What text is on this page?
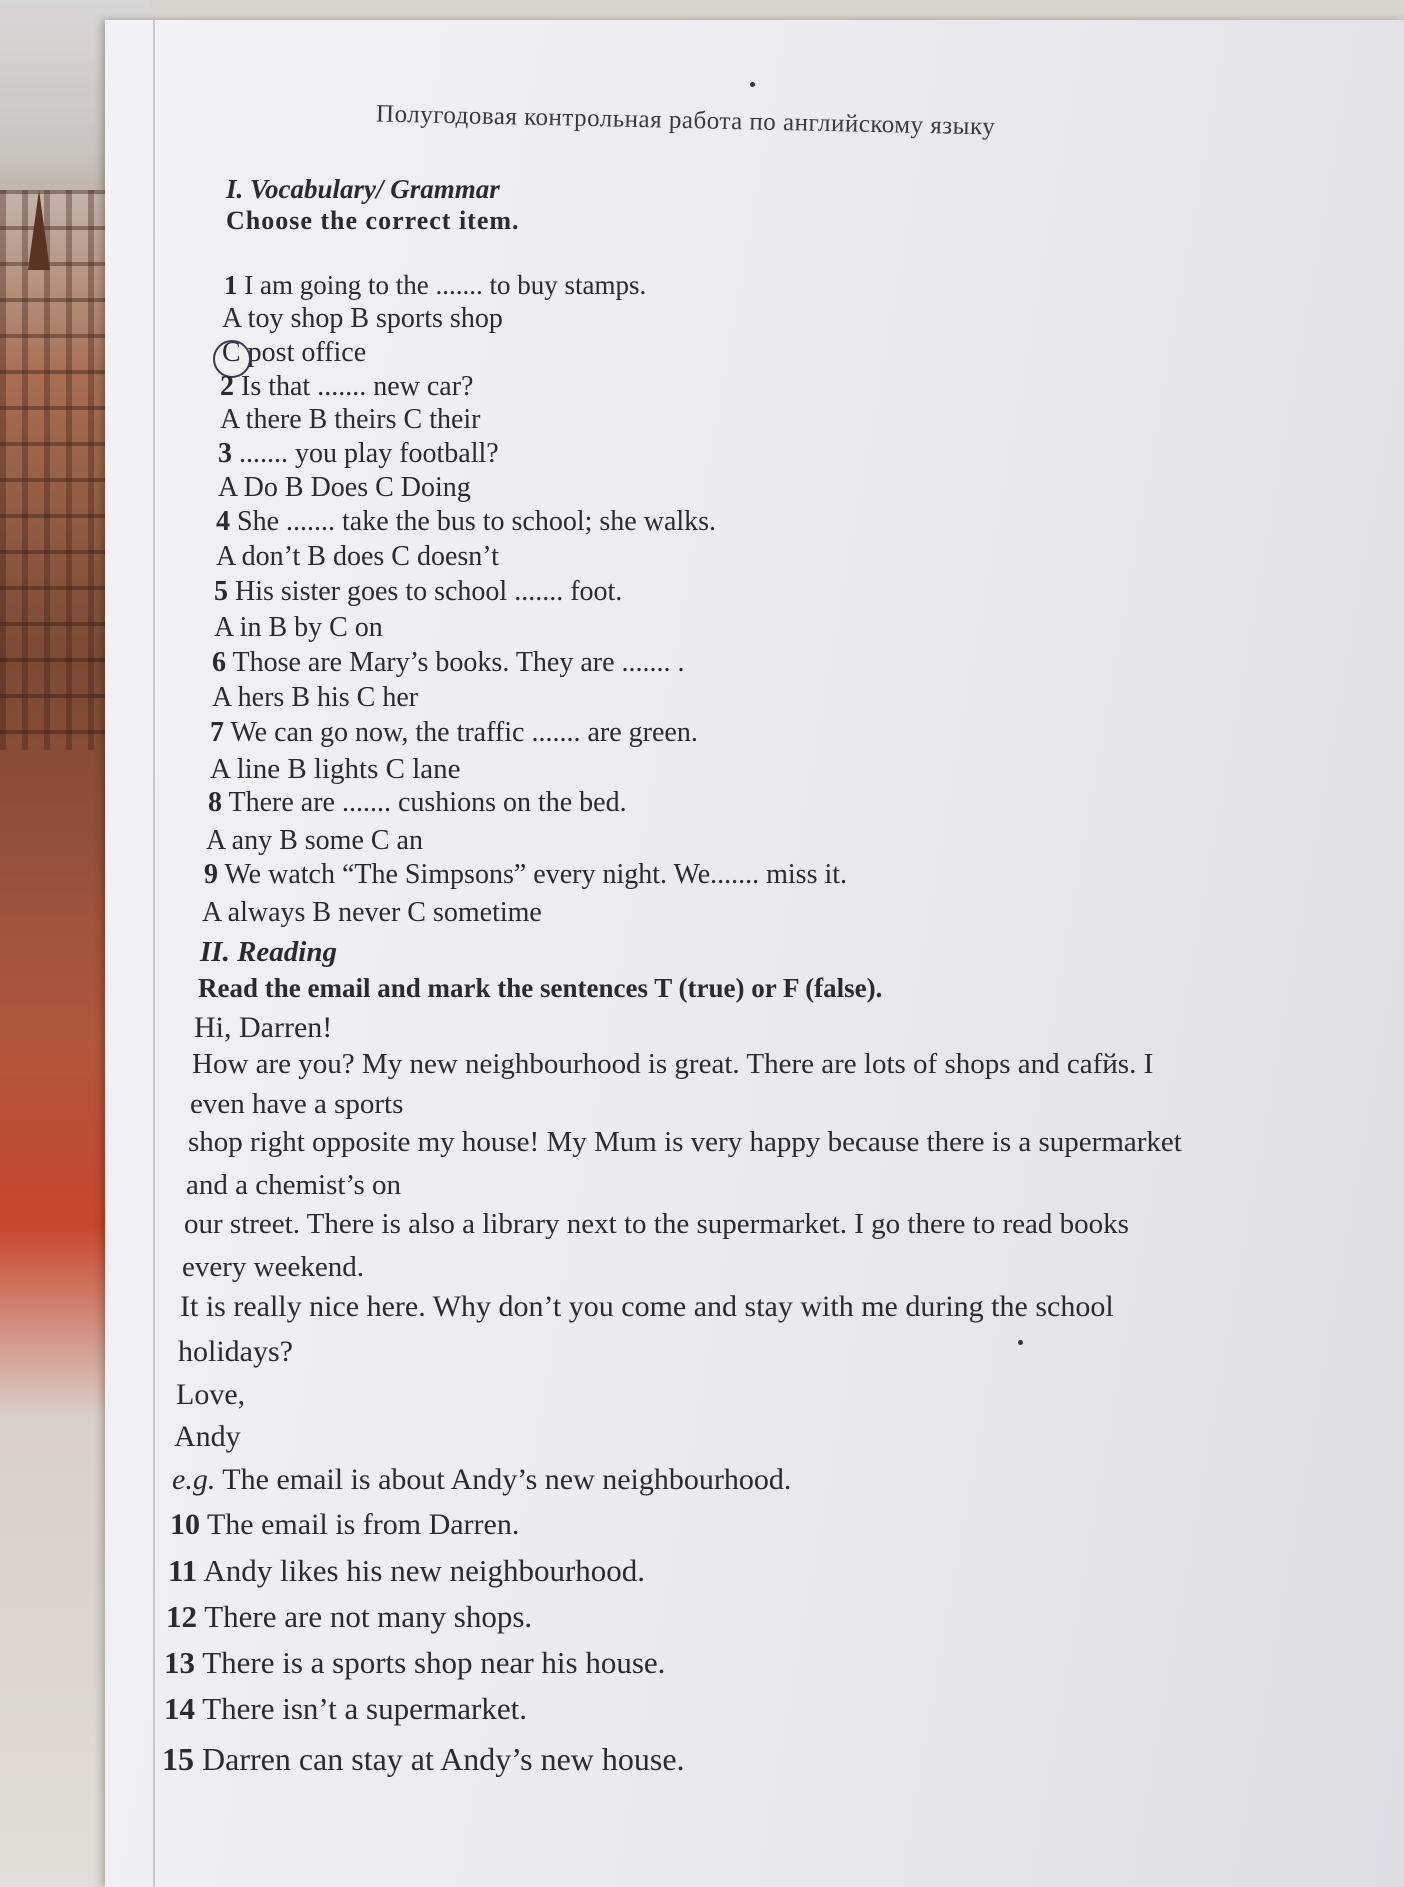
Полугодовая контрольная работа по английскому языку
I. Vocabulary/ Grammar
Choose the correct item.
1 I am going to the ....... to buy stamps.
A toy shop B sports shop
C post office
2 Is that ....... new car?
A there B theirs C their
3 ....... you play football?
A Do B Does C Doing
4 She ....... take the bus to school; she walks.
A don’t B does C doesn’t
5 His sister goes to school ....... foot.
A in B by C on
6 Those are Mary’s books. They are ....... .
A hers B his C her
7 We can go now, the traffic ....... are green.
A line B lights C lane
8 There are ....... cushions on the bed.
A any B some C an
9 We watch “The Simpsons” every night. We....... miss it.
A always B never C sometime
II. Reading
Read the email and mark the sentences T (true) or F (false).
Hi, Darren!
How are you? My new neighbourhood is great. There are lots of shops and cafйs. I
even have a sports
shop right opposite my house! My Mum is very happy because there is a supermarket
and a chemist’s on
our street. There is also a library next to the supermarket. I go there to read books
every weekend.
It is really nice here. Why don’t you come and stay with me during the school
holidays?
Love,
Andy
e.g. The email is about Andy’s new neighbourhood.
10 The email is from Darren.
11 Andy likes his new neighbourhood.
12 There are not many shops.
13 There is a sports shop near his house.
14 There isn’t a supermarket.
15 Darren can stay at Andy’s new house.
